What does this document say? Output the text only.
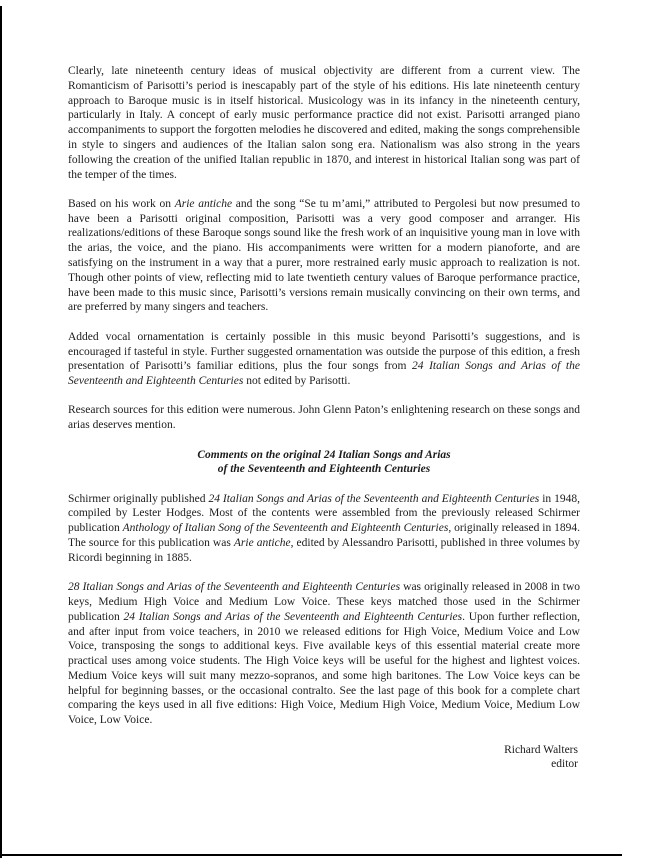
Clearly, late nineteenth century ideas of musical objectivity are different from a current view. The Romanticism of Parisotti’s period is inescapably part of the style of his editions. His late nineteenth century approach to Baroque music is in itself historical. Musicology was in its infancy in the nineteenth century, particularly in Italy. A concept of early music performance practice did not exist. Parisotti arranged piano accompaniments to support the forgotten melodies he discovered and edited, making the songs comprehensible in style to singers and audiences of the Italian salon song era. Nationalism was also strong in the years following the creation of the unified Italian republic in 1870, and interest in historical Italian song was part of the temper of the times.

Based on his work on Arie antiche and the song “Se tu m’ami,” attributed to Pergolesi but now presumed to have been a Parisotti original composition, Parisotti was a very good composer and arranger. His realizations/editions of these Baroque songs sound like the fresh work of an inquisitive young man in love with the arias, the voice, and the piano. His accompaniments were written for a modern pianoforte, and are satisfying on the instrument in a way that a purer, more restrained early music approach to realization is not. Though other points of view, reflecting mid to late twentieth century values of Baroque performance practice, have been made to this music since, Parisotti’s versions remain musically convincing on their own terms, and are preferred by many singers and teachers.

Added vocal ornamentation is certainly possible in this music beyond Parisotti’s suggestions, and is encouraged if tasteful in style. Further suggested ornamentation was outside the purpose of this edition, a fresh presentation of Parisotti’s familiar editions, plus the four songs from 24 Italian Songs and Arias of the Seventeenth and Eighteenth Centuries not edited by Parisotti.

Research sources for this edition were numerous. John Glenn Paton’s enlightening research on these songs and arias deserves mention.

Comments on the original 24 Italian Songs and Arias
of the Seventeenth and Eighteenth Centuries

Schirmer originally published 24 Italian Songs and Arias of the Seventeenth and Eighteenth Centuries in 1948, compiled by Lester Hodges. Most of the contents were assembled from the previously released Schirmer publication Anthology of Italian Song of the Seventeenth and Eighteenth Centuries, originally released in 1894. The source for this publication was Arie antiche, edited by Alessandro Parisotti, published in three volumes by Ricordi beginning in 1885.

28 Italian Songs and Arias of the Seventeenth and Eighteenth Centuries was originally released in 2008 in two keys, Medium High Voice and Medium Low Voice. These keys matched those used in the Schirmer publication 24 Italian Songs and Arias of the Seventeenth and Eighteenth Centuries. Upon further reflection, and after input from voice teachers, in 2010 we released editions for High Voice, Medium Voice and Low Voice, transposing the songs to additional keys. Five available keys of this essential material create more practical uses among voice students. The High Voice keys will be useful for the highest and lightest voices. Medium Voice keys will suit many mezzo-sopranos, and some high baritones. The Low Voice keys can be helpful for beginning basses, or the occasional contralto. See the last page of this book for a complete chart comparing the keys used in all five editions: High Voice, Medium High Voice, Medium Voice, Medium Low Voice, Low Voice.

Richard Walters
editor
